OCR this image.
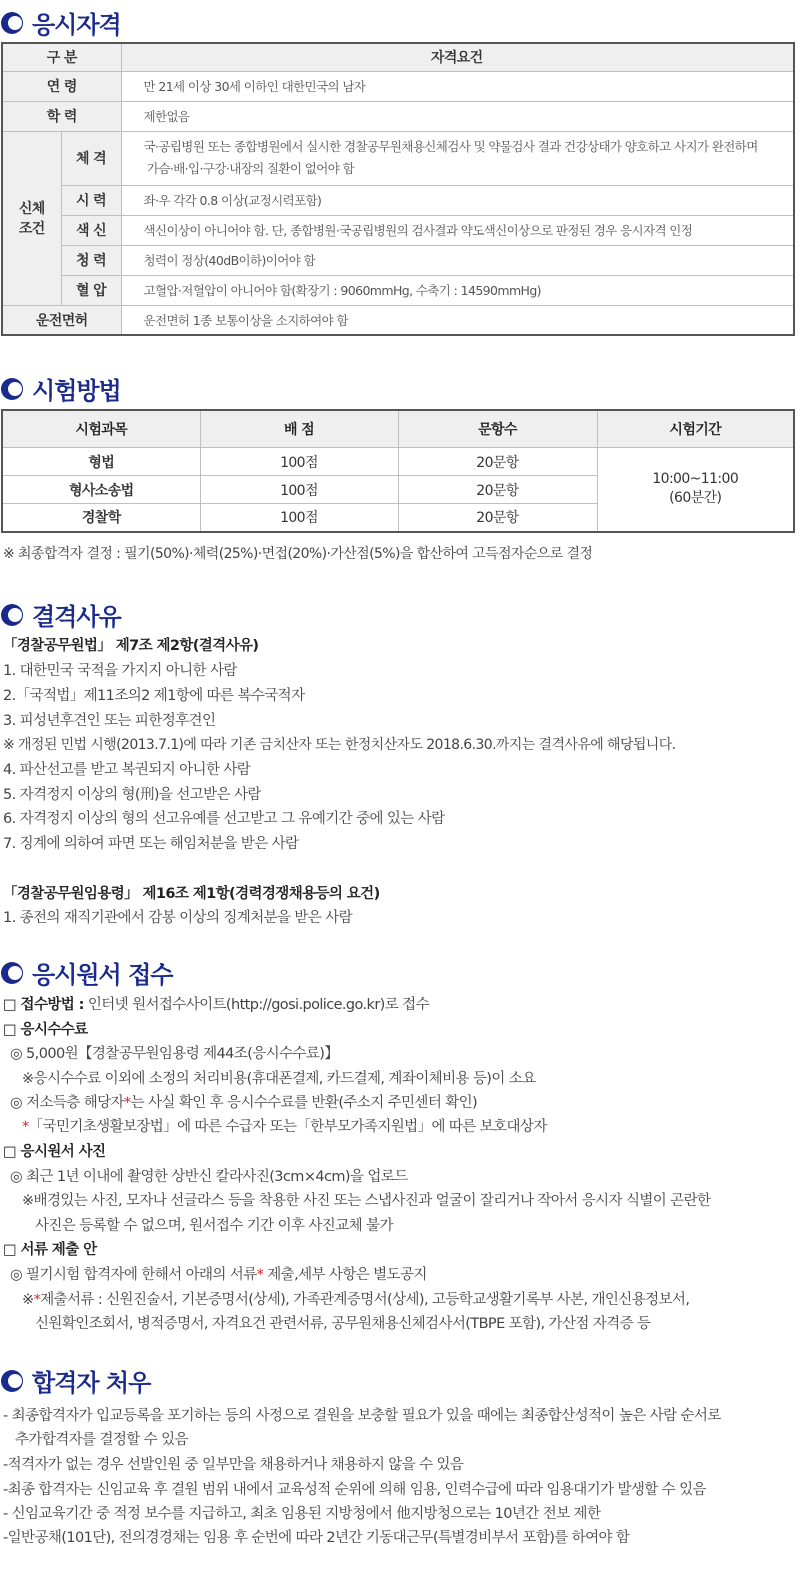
응시자격
구 분		자격요건
연 령		만 21세 이상 30세 이하인 대한민국의 남자
학 력		제한없음
신체
조건	체 격	국·공립병원 또는 종합병원에서 실시한 경찰공무원채용신체검사 및 약물검사 결과 건강상태가 양호하고 사지가 완전하며
가슴·배·입·구강·내장의 질환이 없어야 함
	시 력	좌·우 각각 0.8 이상(교정시력포함)
	색 신	색신이상이 아니어야 함. 단, 종합병원·국공립병원의 검사결과 약도색신이상으로 판정된 경우 응시자격 인정
	청 력	청력이 정상(40dB이하)이어야 함
	혈 압	고혈압·저혈압이 아니어야 함(확장기 : 9060mmHg, 수축기 : 14590mmHg)
운전면허		운전면허 1종 보통이상을 소지하여야 함
시험방법
시험과목	배 점	문항수	시험기간
형법	100점	20문항	10:00~11:00
(60분간)
형사소송법	100점	20문항	
경찰학	100점	20문항	
※ 최종합격자 결정 : 필기(50%)·체력(25%)·면접(20%)·가산점(5%)을 합산하여 고득점자순으로 결정
결격사유
「경찰공무원법」 제7조 제2항(결격사유)
1. 대한민국 국적을 가지지 아니한 사람
2.「국적법」제11조의2 제1항에 따른 복수국적자
3. 피성년후견인 또는 피한정후견인
※ 개정된 민법 시행(2013.7.1)에 따라 기존 금치산자 또는 한정치산자도 2018.6.30.까지는 결격사유에 해당됩니다.
4. 파산선고를 받고 복권되지 아니한 사람
5. 자격정지 이상의 형(刑)을 선고받은 사람
6. 자격정지 이상의 형의 선고유예를 선고받고 그 유예기간 중에 있는 사람
7. 징계에 의하여 파면 또는 해임처분을 받은 사람
「경찰공무원임용령」 제16조 제1항(경력경쟁채용등의 요건)
1. 종전의 재직기관에서 감봉 이상의 징계처분을 받은 사람
응시원서 접수
□ 접수방법 : 인터넷 원서접수사이트(http://gosi.police.go.kr)로 접수
□ 응시수수료
◎ 5,000원【경찰공무원임용령 제44조(응시수수료)】
※응시수수료 이외에 소정의 처리비용(휴대폰결제, 카드결제, 계좌이체비용 등)이 소요
◎ 저소득층 해당자*는 사실 확인 후 응시수수료를 반환(주소지 주민센터 확인)
*「국민기초생활보장법」에 따른 수급자 또는「한부모가족지원법」에 따른 보호대상자
□ 응시원서 사진
◎ 최근 1년 이내에 촬영한 상반신 칼라사진(3cm×4cm)을 업로드
※배경있는 사진, 모자나 선글라스 등을 착용한 사진 또는 스냅사진과 얼굴이 잘리거나 작아서 응시자 식별이 곤란한
사진은 등록할 수 없으며, 원서접수 기간 이후 사진교체 불가
□ 서류 제출 안
◎ 필기시험 합격자에 한해서 아래의 서류* 제출,세부 사항은 별도공지
※*제출서류 : 신원진술서, 기본증명서(상세), 가족관계증명서(상세), 고등학교생활기록부 사본, 개인신용정보서,
신원확인조회서, 병적증명서, 자격요건 관련서류, 공무원채용신체검사서(TBPE 포함), 가산점 자격증 등
합격자 처우
- 최종합격자가 입교등록을 포기하는 등의 사정으로 결원을 보충할 필요가 있을 때에는 최종합산성적이 높은 사람 순서로
추가합격자를 결정할 수 있음
-적격자가 없는 경우 선발인원 중 일부만을 채용하거나 채용하지 않을 수 있음
-최종 합격자는 신임교육 후 결원 범위 내에서 교육성적 순위에 의해 임용, 인력수급에 따라 임용대기가 발생할 수 있음
- 신임교육기간 중 적정 보수를 지급하고, 최초 임용된 지방청에서 他지방청으로는 10년간 전보 제한
-일반공채(101단), 전의경경채는 임용 후 순번에 따라 2년간 기동대근무(특별경비부서 포함)를 하여야 함
